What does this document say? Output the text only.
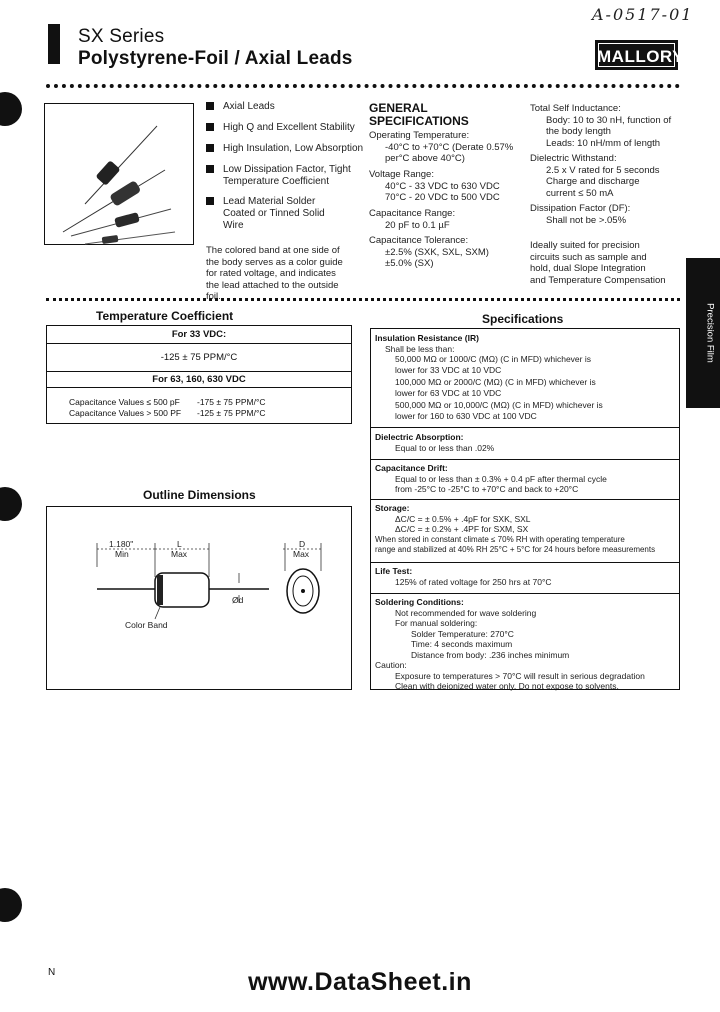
SX Series
Polystyrene-Foil / Axial Leads
A-0517-01
MALLORY
Axial Leads
High Q and Excellent Stability
High Insulation, Low Absorption
Low Dissipation Factor, Tight Temperature Coefficient
Lead Material Solder Coated or Tinned Solid Wire
The colored band at one side of the body serves as a color guide for rated voltage, and indicates the lead attached to the outside foil.
GENERAL
SPECIFICATIONS
Operating Temperature:
-40°C to +70°C (Derate 0.57%
per°C above 40°C)
Voltage Range:
40°C - 33 VDC to 630 VDC
70°C - 20 VDC to 500 VDC
Capacitance Range:
20 pF to 0.1 µF
Capacitance Tolerance:
±2.5% (SXK, SXL, SXM)
±5.0% (SX)
Total Self Inductance:
Body: 10 to 30 nH, function of
the body length
Leads: 10 nH/mm of length
Dielectric Withstand:
2.5 x V rated for 5 seconds
Charge and discharge
current ≤ 50 mA
Dissipation Factor (DF):
Shall not be >.05%
Ideally suited for precision
circuits such as sample and
hold, dual Slope Integration
and Temperature Compensation
Precision Film
Temperature Coefficient
For 33 VDC:
-125 ± 75 PPM/°C
For 63, 160, 630 VDC
Capacitance Values ≤ 500 pF -175 ± 75 PPM/°C
Capacitance Values > 500 PF -125 ± 75 PPM/°C
Outline Dimensions
1.180"
Min
L
Max
D
Max
Ød
Color Band
Specifications
Insulation Resistance (IR)
Shall be less than:
50,000 MΩ or 1000/C (MΩ) (C in MFD) whichever is
lower for 33 VDC at 10 VDC
100,000 MΩ or 2000/C (MΩ) (C in MFD) whichever is
lower for 63 VDC at 10 VDC
500,000 MΩ or 10,000/C (MΩ) (C in MFD) whichever is
lower for 160 to 630 VDC at 100 VDC
Dielectric Absorption:
Equal to or less than .02%
Capacitance Drift:
Equal to or less than ± 0.3% + 0.4 pF after thermal cycle
from -25°C to -25°C to +70°C and back to +20°C
Storage:
ΔC/C = ± 0.5% + .4pF for SXK, SXL
ΔC/C = ± 0.2% + .4PF for SXM, SX
When stored in constant climate ≤ 70% RH with operating temperature
range and stabilized at 40% RH 25°C + 5°C for 24 hours before measurements
Life Test:
125% of rated voltage for 250 hrs at 70°C
Soldering Conditions:
Not recommended for wave soldering
For manual soldering:
Solder Temperature: 270°C
Time: 4 seconds maximum
Distance from body: .236 inches minimum
Caution:
Exposure to temperatures > 70°C will result in serious degradation
Clean with deionized water only. Do not expose to solvents.
N	www.DataSheet.in
